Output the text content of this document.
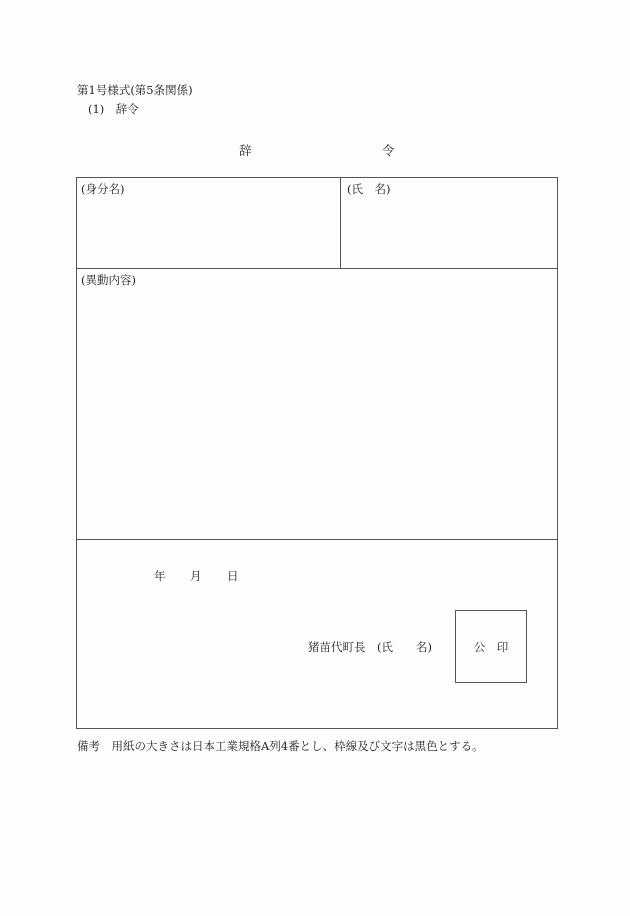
第1号様式(第5条関係)
(1)　辞令
辞	令
(身分名)	(氏　名)
(異動内容)
年 月 日
猪苗代町長　(氏　　名)	公　印
備考　用紙の大きさは日本工業規格A列4番とし、枠線及び文字は黒色とする。
